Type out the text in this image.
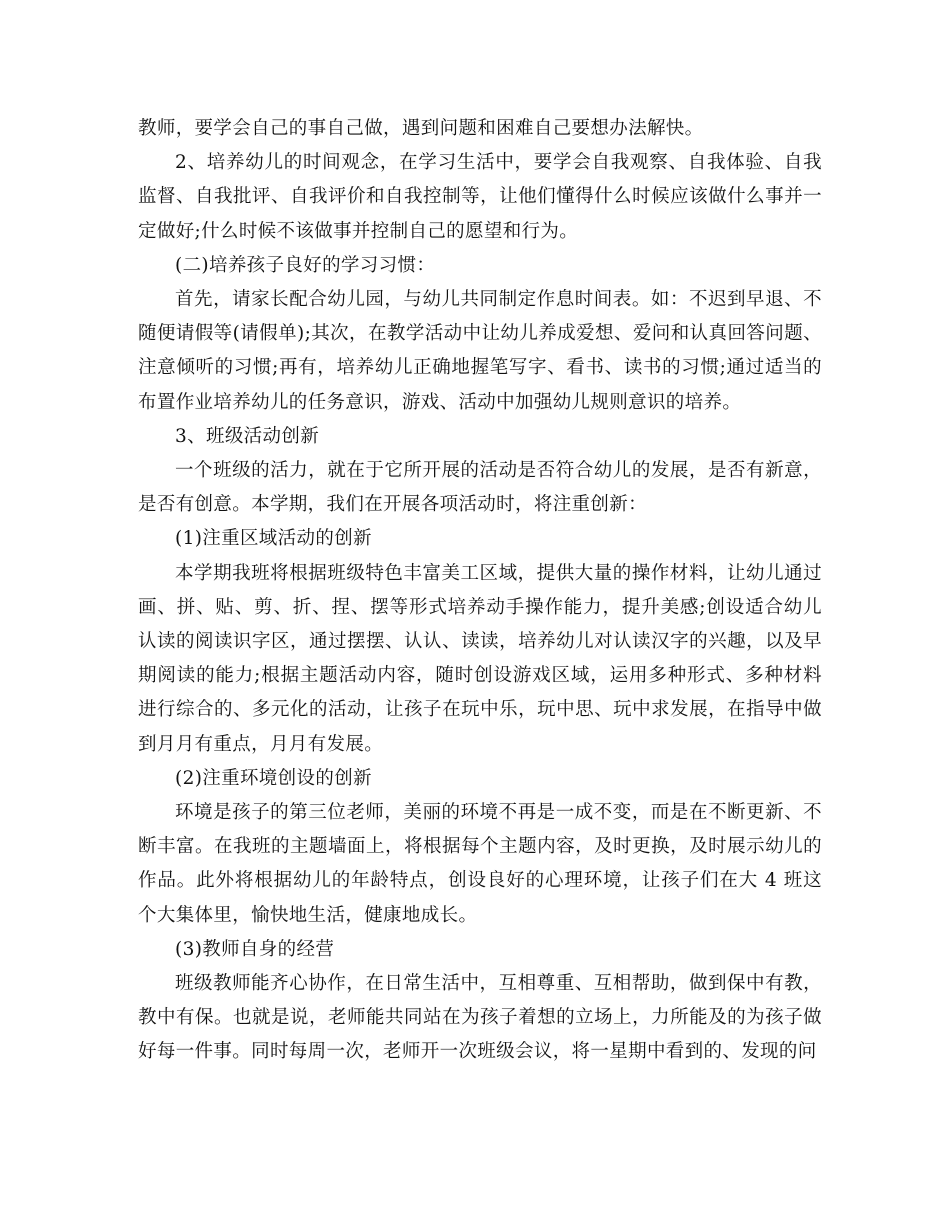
教师，要学会自己的事自己做，遇到问题和困难自己要想办法解快。

2、培养幼儿的时间观念，在学习生活中，要学会自我观察、自我体验、自我监督、自我批评、自我评价和自我控制等，让他们懂得什么时候应该做什么事并一定做好;什么时候不该做事并控制自己的愿望和行为。

(二)培养孩子良好的学习习惯：

首先，请家长配合幼儿园，与幼儿共同制定作息时间表。如：不迟到早退、不随便请假等(请假单);其次，在教学活动中让幼儿养成爱想、爱问和认真回答问题、注意倾听的习惯;再有，培养幼儿正确地握笔写字、看书、读书的习惯;通过适当的布置作业培养幼儿的任务意识，游戏、活动中加强幼儿规则意识的培养。

3、班级活动创新

一个班级的活力，就在于它所开展的活动是否符合幼儿的发展，是否有新意，是否有创意。本学期，我们在开展各项活动时，将注重创新：

(1)注重区域活动的创新

本学期我班将根据班级特色丰富美工区域，提供大量的操作材料，让幼儿通过画、拼、贴、剪、折、捏、摆等形式培养动手操作能力，提升美感;创设适合幼儿认读的阅读识字区，通过摆摆、认认、读读，培养幼儿对认读汉字的兴趣，以及早期阅读的能力;根据主题活动内容，随时创设游戏区域，运用多种形式、多种材料进行综合的、多元化的活动，让孩子在玩中乐，玩中思、玩中求发展，在指导中做到月月有重点，月月有发展。

(2)注重环境创设的创新

环境是孩子的第三位老师，美丽的环境不再是一成不变，而是在不断更新、不断丰富。在我班的主题墙面上，将根据每个主题内容，及时更换，及时展示幼儿的作品。此外将根据幼儿的年龄特点，创设良好的心理环境，让孩子们在大 4 班这个大集体里，愉快地生活，健康地成长。

(3)教师自身的经营

班级教师能齐心协作，在日常生活中，互相尊重、互相帮助，做到保中有教，教中有保。也就是说，老师能共同站在为孩子着想的立场上，力所能及的为孩子做好每一件事。同时每周一次，老师开一次班级会议，将一星期中看到的、发现的问
